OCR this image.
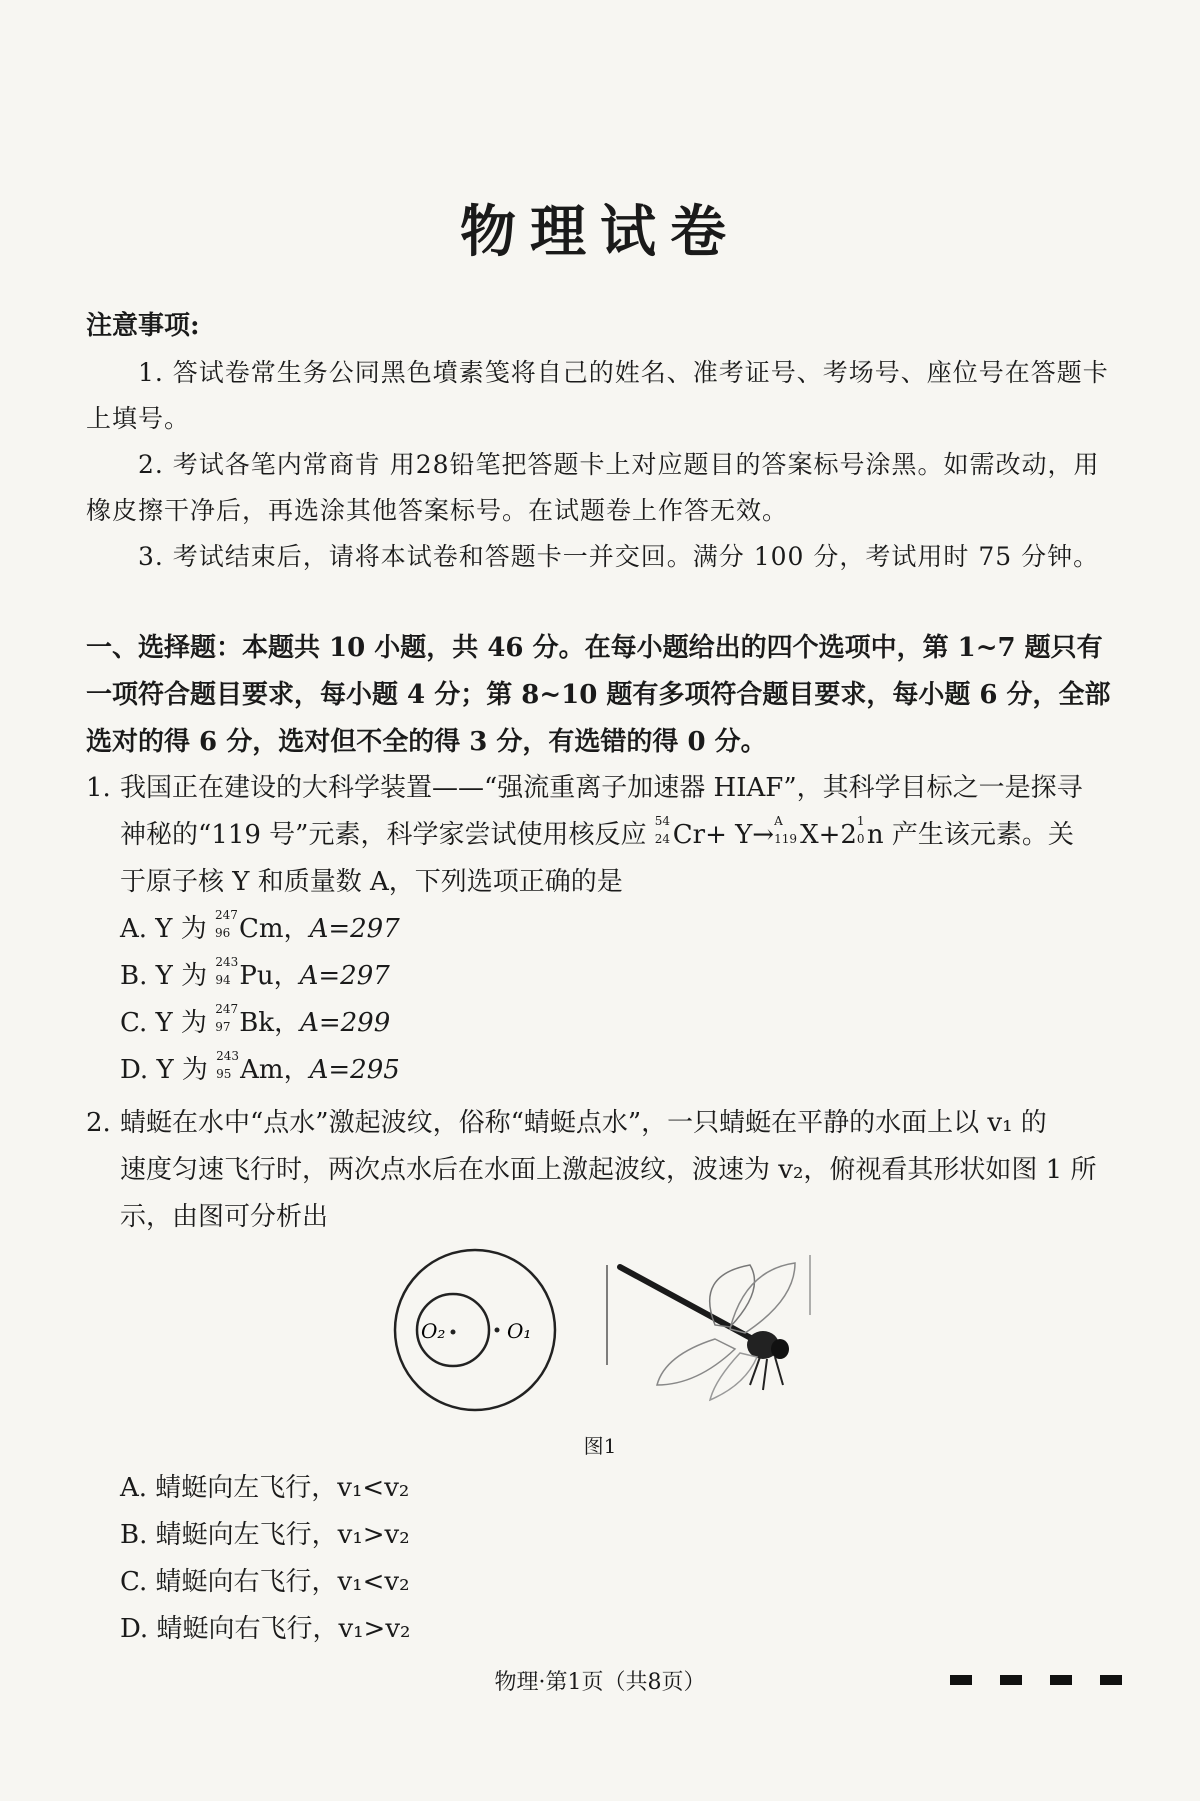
物理试卷
注意事项:
1. 答试卷常生务公同黑色墳素笺将自己的姓名、准考证号、考场号、座位号在答题卡上填号。
2. 考试各笔内常商肯 用28铅笔把答题卡上对应题目的答案标号涂黑。如需改动，用橡皮擦干净后，再选涂其他答案标号。在试题卷上作答无效。
3. 考试结束后，请将本试卷和答题卡一并交回。满分 100 分，考试用时 75 分钟。
一、选择题：本题共 10 小题，共 46 分。在每小题给出的四个选项中，第 1~7 题只有一项符合题目要求，每小题 4 分；第 8~10 题有多项符合题目要求，每小题 6 分，全部选对的得 6 分，选对但不全的得 3 分，有选错的得 0 分。
1. 我国正在建设的大科学装置——“强流重离子加速器 HIAF”，其科学目标之一是探寻
神秘的“119 号”元素，科学家尝试使用核反应 54
24 Cr+ Y→ A
119 X+2 1
0 n 产生该元素。关
于原子核 Y 和质量数 A，下列选项正确的是
A. Y 为 247
96 Cm，A=297
B. Y 为 243
94 Pu，A=297
C. Y 为 247
97 Bk，A=299
D. Y 为 243
95 Am，A=295
2. 蜻蜓在水中“点水”激起波纹，俗称“蜻蜓点水”，一只蜻蜓在平静的水面上以 v₁ 的
速度匀速飞行时，两次点水后在水面上激起波纹，波速为 v₂，俯视看其形状如图 1 所
示，由图可分析出
O₂	O₁
图1
A. 蜻蜓向左飞行，v₁<v₂
B. 蜻蜓向左飞行，v₁>v₂
C. 蜻蜓向右飞行，v₁<v₂
D. 蜻蜓向右飞行，v₁>v₂
物理·第1页（共8页）
